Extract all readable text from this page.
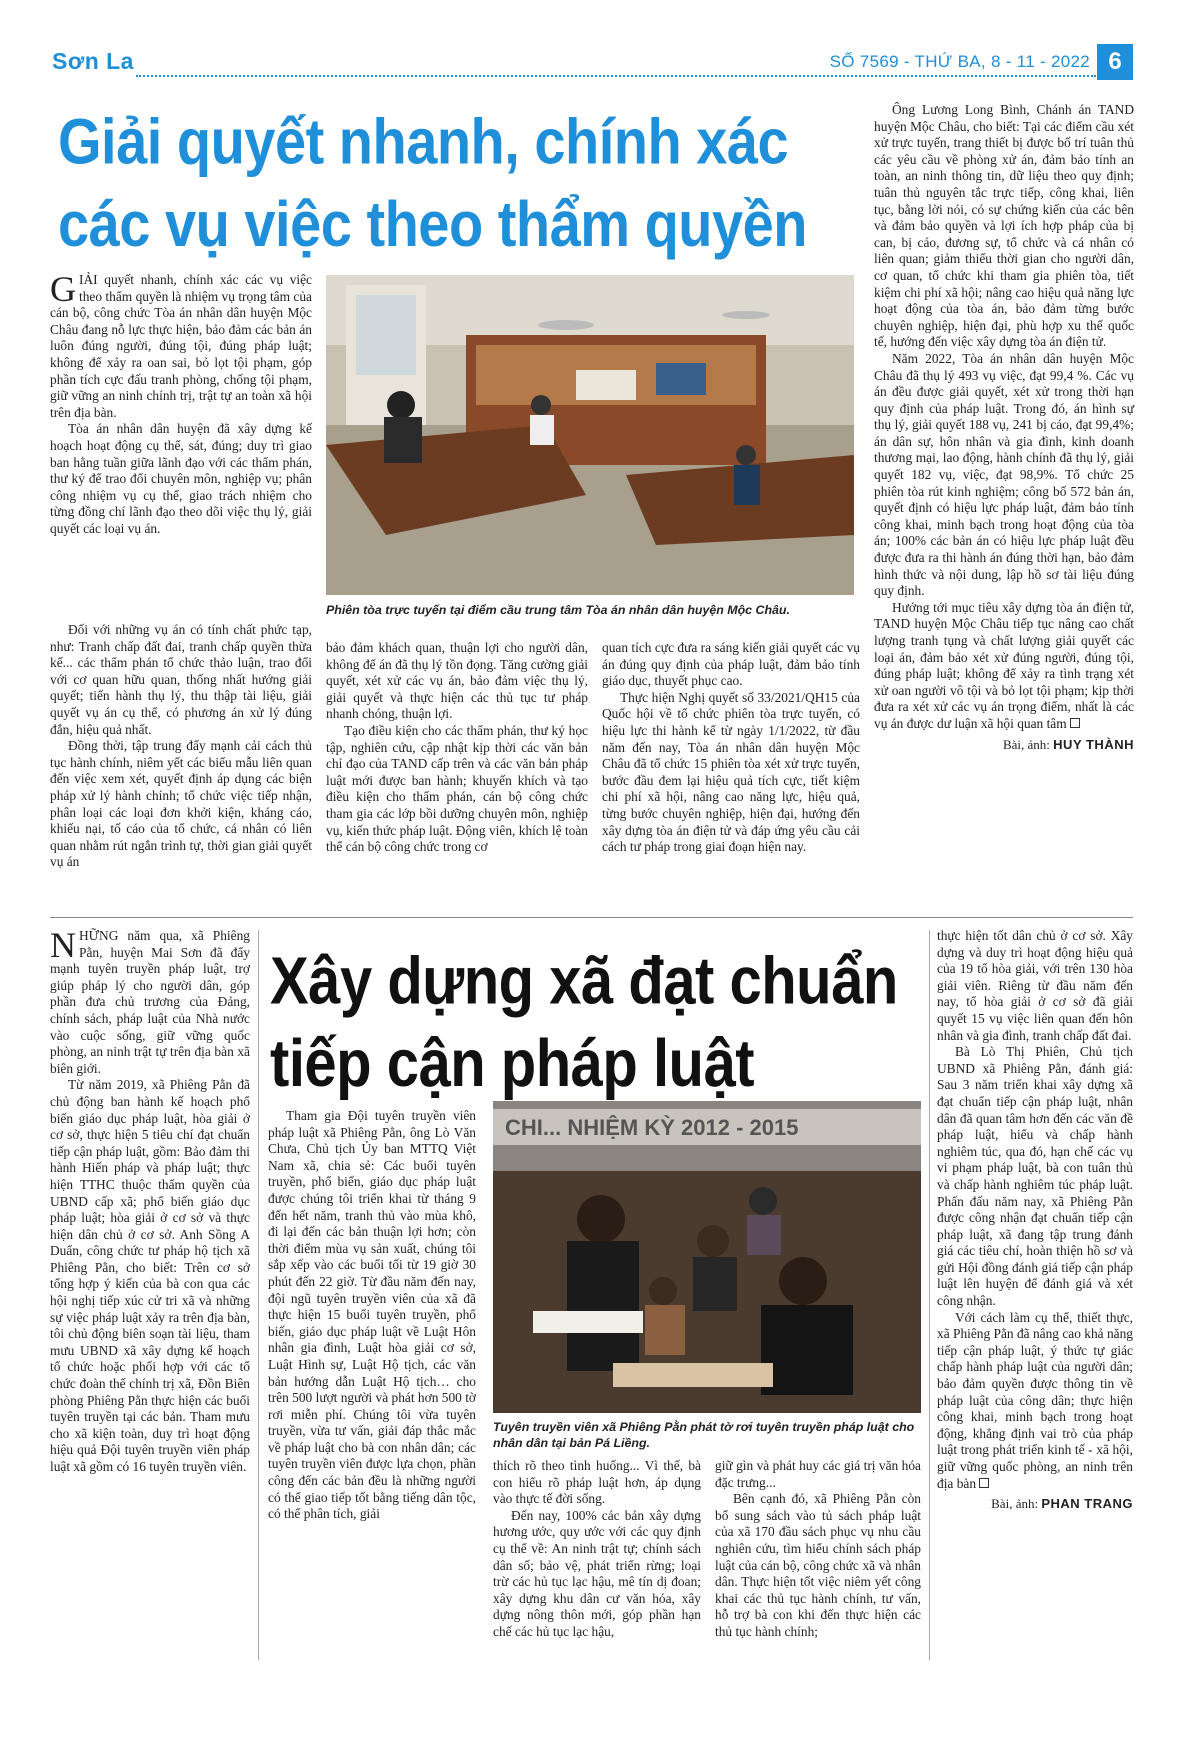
Sơn La	SỐ 7569 - THỨ BA, 8 - 11 - 2022 6
Giải quyết nhanh, chính xác
các vụ việc theo thẩm quyền

GIẢI quyết nhanh, chính xác các vụ việc theo thẩm quyền là nhiệm vụ trọng tâm của cán bộ, công chức Tòa án nhân dân huyện Mộc Châu đang nỗ lực thực hiện, bảo đảm các bản án luôn đúng người, đúng tội, đúng pháp luật; không để xảy ra oan sai, bỏ lọt tội phạm, góp phần tích cực đấu tranh phòng, chống tội phạm, giữ vững an ninh chính trị, trật tự an toàn xã hội trên địa bàn.

Tòa án nhân dân huyện đã xây dựng kế hoạch hoạt động cụ thể, sát, đúng; duy trì giao ban hằng tuần giữa lãnh đạo với các thẩm phán, thư ký để trao đổi chuyên môn, nghiệp vụ; phân công nhiệm vụ cụ thể, giao trách nhiệm cho từng đồng chí lãnh đạo theo dõi việc thụ lý, giải quyết các loại vụ án.

Phiên tòa trực tuyến tại điểm cầu trung tâm Tòa án nhân dân huyện Mộc Châu.

Đối với những vụ án có tính chất phức tạp, như: Tranh chấp đất đai, tranh chấp quyền thừa kế... các thẩm phán tổ chức thảo luận, trao đổi với cơ quan hữu quan, thống nhất hướng giải quyết; tiến hành thụ lý, thu thập tài liệu, giải quyết vụ án cụ thể, có phương án xử lý đúng đắn, hiệu quả nhất.

Đồng thời, tập trung đẩy mạnh cải cách thủ tục hành chính, niêm yết các biểu mẫu liên quan đến việc xem xét, quyết định áp dụng các biện pháp xử lý hành chính; tổ chức việc tiếp nhận, phân loại các loại đơn khởi kiện, kháng cáo, khiếu nại, tố cáo của tổ chức, cá nhân có liên quan nhằm rút ngắn trình tự, thời gian giải quyết vụ án

bảo đảm khách quan, thuận lợi cho người dân, không để án đã thụ lý tồn đọng. Tăng cường giải quyết, xét xử các vụ án, bảo đảm việc thụ lý, giải quyết và thực hiện các thủ tục tư pháp nhanh chóng, thuận lợi.

Tạo điều kiện cho các thẩm phán, thư ký học tập, nghiên cứu, cập nhật kịp thời các văn bản chỉ đạo của TAND cấp trên và các văn bản pháp luật mới được ban hành; khuyến khích và tạo điều kiện cho thẩm phán, cán bộ công chức tham gia các lớp bồi dưỡng chuyên môn, nghiệp vụ, kiến thức pháp luật. Động viên, khích lệ toàn thể cán bộ công chức trong cơ

quan tích cực đưa ra sáng kiến giải quyết các vụ án đúng quy định của pháp luật, đảm bảo tính giáo dục, thuyết phục cao.

Thực hiện Nghị quyết số 33/2021/QH15 của Quốc hội về tổ chức phiên tòa trực tuyến, có hiệu lực thi hành kể từ ngày 1/1/2022, từ đầu năm đến nay, Tòa án nhân dân huyện Mộc Châu đã tổ chức 15 phiên tòa xét xử trực tuyến, bước đầu đem lại hiệu quả tích cực, tiết kiệm chi phí xã hội, nâng cao năng lực, hiệu quả, từng bước chuyên nghiệp, hiện đại, hướng đến xây dựng tòa án điện tử và đáp ứng yêu cầu cải cách tư pháp trong giai đoạn hiện nay.

Ông Lương Long Bình, Chánh án TAND huyện Mộc Châu, cho biết: Tại các điểm cầu xét xử trực tuyến, trang thiết bị được bố trí tuân thủ các yêu cầu về phòng xử án, đảm bảo tính an toàn, an ninh thông tin, dữ liệu theo quy định; tuân thủ nguyên tắc trực tiếp, công khai, liên tục, bằng lời nói, có sự chứng kiến của các bên và đảm bảo quyền và lợi ích hợp pháp của bị can, bị cáo, đương sự, tổ chức và cá nhân có liên quan; giảm thiểu thời gian cho người dân, cơ quan, tổ chức khi tham gia phiên tòa, tiết kiệm chi phí xã hội; nâng cao hiệu quả năng lực hoạt động của tòa án, bảo đảm từng bước chuyên nghiệp, hiện đại, phù hợp xu thế quốc tế, hướng đến việc xây dựng tòa án điện tử.

Năm 2022, Tòa án nhân dân huyện Mộc Châu đã thụ lý 493 vụ việc, đạt 99,4 %. Các vụ án đều được giải quyết, xét xử trong thời hạn quy định của pháp luật. Trong đó, án hình sự thụ lý, giải quyết 188 vụ, 241 bị cáo, đạt 99,4%; án dân sự, hôn nhân và gia đình, kinh doanh thương mại, lao động, hành chính đã thụ lý, giải quyết 182 vụ, việc, đạt 98,9%. Tổ chức 25 phiên tòa rút kinh nghiệm; công bố 572 bản án, quyết định có hiệu lực pháp luật, đảm bảo tính công khai, minh bạch trong hoạt động của tòa án; 100% các bản án có hiệu lực pháp luật đều được đưa ra thi hành án đúng thời hạn, bảo đảm hình thức và nội dung, lập hồ sơ tài liệu đúng quy định.

Hướng tới mục tiêu xây dựng tòa án điện tử, TAND huyện Mộc Châu tiếp tục nâng cao chất lượng tranh tụng và chất lượng giải quyết các loại án, đảm bảo xét xử đúng người, đúng tội, đúng pháp luật; không để xảy ra tình trạng xét xử oan người vô tội và bỏ lọt tội phạm; kịp thời đưa ra xét xử các vụ án trọng điểm, nhất là các vụ án được dư luận xã hội quan tâm

Bài, ảnh: HUY THÀNH
Xây dựng xã đạt chuẩn
tiếp cận pháp luật

NHỮNG năm qua, xã Phiêng Pằn, huyện Mai Sơn đã đẩy mạnh tuyên truyền pháp luật, trợ giúp pháp lý cho người dân, góp phần đưa chủ trương của Đảng, chính sách, pháp luật của Nhà nước vào cuộc sống, giữ vững quốc phòng, an ninh trật tự trên địa bàn xã biên giới.

Từ năm 2019, xã Phiêng Pằn đã chủ động ban hành kế hoạch phổ biến giáo dục pháp luật, hòa giải ở cơ sở, thực hiện 5 tiêu chí đạt chuẩn tiếp cận pháp luật, gồm: Bảo đảm thi hành Hiến pháp và pháp luật; thực hiện TTHC thuộc thẩm quyền của UBND cấp xã; phổ biến giáo dục pháp luật; hòa giải ở cơ sở và thực hiện dân chủ ở cơ sở. Anh Sồng A Duẩn, công chức tư pháp hộ tịch xã Phiêng Pằn, cho biết: Trên cơ sở tổng hợp ý kiến của bà con qua các hội nghị tiếp xúc cử tri xã và những sự việc pháp luật xảy ra trên địa bàn, tôi chủ động biên soạn tài liệu, tham mưu UBND xã xây dựng kế hoạch tổ chức hoặc phối hợp với các tổ chức đoàn thể chính trị xã, Đồn Biên phòng Phiêng Pằn thực hiện các buổi tuyên truyền tại các bản. Tham mưu cho xã kiện toàn, duy trì hoạt động hiệu quả Đội tuyên truyền viên pháp luật xã gồm có 16 tuyên truyền viên.

Tham gia Đội tuyên truyền viên pháp luật xã Phiêng Pằn, ông Lò Văn Chưa, Chủ tịch Ủy ban MTTQ Việt Nam xã, chia sẻ: Các buổi tuyên truyền, phổ biến, giáo dục pháp luật được chúng tôi triển khai từ tháng 9 đến hết năm, tranh thủ vào mùa khô, đi lại đến các bản thuận lợi hơn; còn thời điểm mùa vụ sản xuất, chúng tôi sắp xếp vào các buổi tối từ 19 giờ 30 phút đến 22 giờ. Từ đầu năm đến nay, đội ngũ tuyên truyền viên của xã đã thực hiện 15 buổi tuyên truyền, phổ biến, giáo dục pháp luật về Luật Hôn nhân gia đình, Luật hòa giải cơ sở, Luật Hình sự, Luật Hộ tịch, các văn bản hướng dẫn Luật Hộ tịch… cho trên 500 lượt người và phát hơn 500 tờ rơi miễn phí. Chúng tôi vừa tuyên truyền, vừa tư vấn, giải đáp thắc mắc về pháp luật cho bà con nhân dân; các tuyên truyền viên được lựa chọn, phần công đến các bản đều là những người có thể giao tiếp tốt bằng tiếng dân tộc, có thể phân tích, giải

CHI... NHIỆM KỲ 2012 - 2015
Tuyên truyền viên xã Phiêng Pằn phát tờ rơi tuyên truyền pháp luật cho nhân dân tại bản Pá Liềng.

thích rõ theo tình huống... Vì thế, bà con hiểu rõ pháp luật hơn, áp dụng vào thực tế đời sống.

Đến nay, 100% các bản xây dựng hương ước, quy ước với các quy định cụ thể về: An ninh trật tự; chính sách dân số; bảo vệ, phát triển rừng; loại trừ các hủ tục lạc hậu, mê tín dị đoan; xây dựng khu dân cư văn hóa, xây dựng nông thôn mới, góp phần hạn chế các hủ tục lạc hậu,

giữ gìn và phát huy các giá trị văn hóa đặc trưng...

Bên cạnh đó, xã Phiêng Pằn còn bổ sung sách vào tủ sách pháp luật của xã 170 đầu sách phục vụ nhu cầu nghiên cứu, tìm hiểu chính sách pháp luật của cán bộ, công chức xã và nhân dân. Thực hiện tốt việc niêm yết công khai các thủ tục hành chính, tư vấn, hỗ trợ bà con khi đến thực hiện các thủ tục hành chính;

thực hiện tốt dân chủ ở cơ sở. Xây dựng và duy trì hoạt động hiệu quả của 19 tổ hòa giải, với trên 130 hòa giải viên. Riêng từ đầu năm đến nay, tổ hòa giải ở cơ sở đã giải quyết 15 vụ việc liên quan đến hôn nhân và gia đình, tranh chấp đất đai.

Bà Lò Thị Phiên, Chủ tịch UBND xã Phiêng Pằn, đánh giá: Sau 3 năm triển khai xây dựng xã đạt chuẩn tiếp cận pháp luật, nhân dân đã quan tâm hơn đến các văn đề pháp luật, hiểu và chấp hành nghiêm túc, qua đó, hạn chế các vụ vi phạm pháp luật, bà con tuân thủ và chấp hành nghiêm túc pháp luật. Phấn đấu năm nay, xã Phiêng Pằn được công nhận đạt chuẩn tiếp cận pháp luật, xã đang tập trung đánh giá các tiêu chí, hoàn thiện hồ sơ và gửi Hội đồng đánh giá tiếp cận pháp luật lên huyện để đánh giá và xét công nhận.

Với cách làm cụ thể, thiết thực, xã Phiêng Pằn đã nâng cao khả năng tiếp cận pháp luật, ý thức tự giác chấp hành pháp luật của người dân; bảo đảm quyền được thông tin về pháp luật của công dân; thực hiện công khai, minh bạch trong hoạt động, khẳng định vai trò của pháp luật trong phát triển kinh tế - xã hội, giữ vững quốc phòng, an ninh trên địa bàn

Bài, ảnh: PHAN TRANG
